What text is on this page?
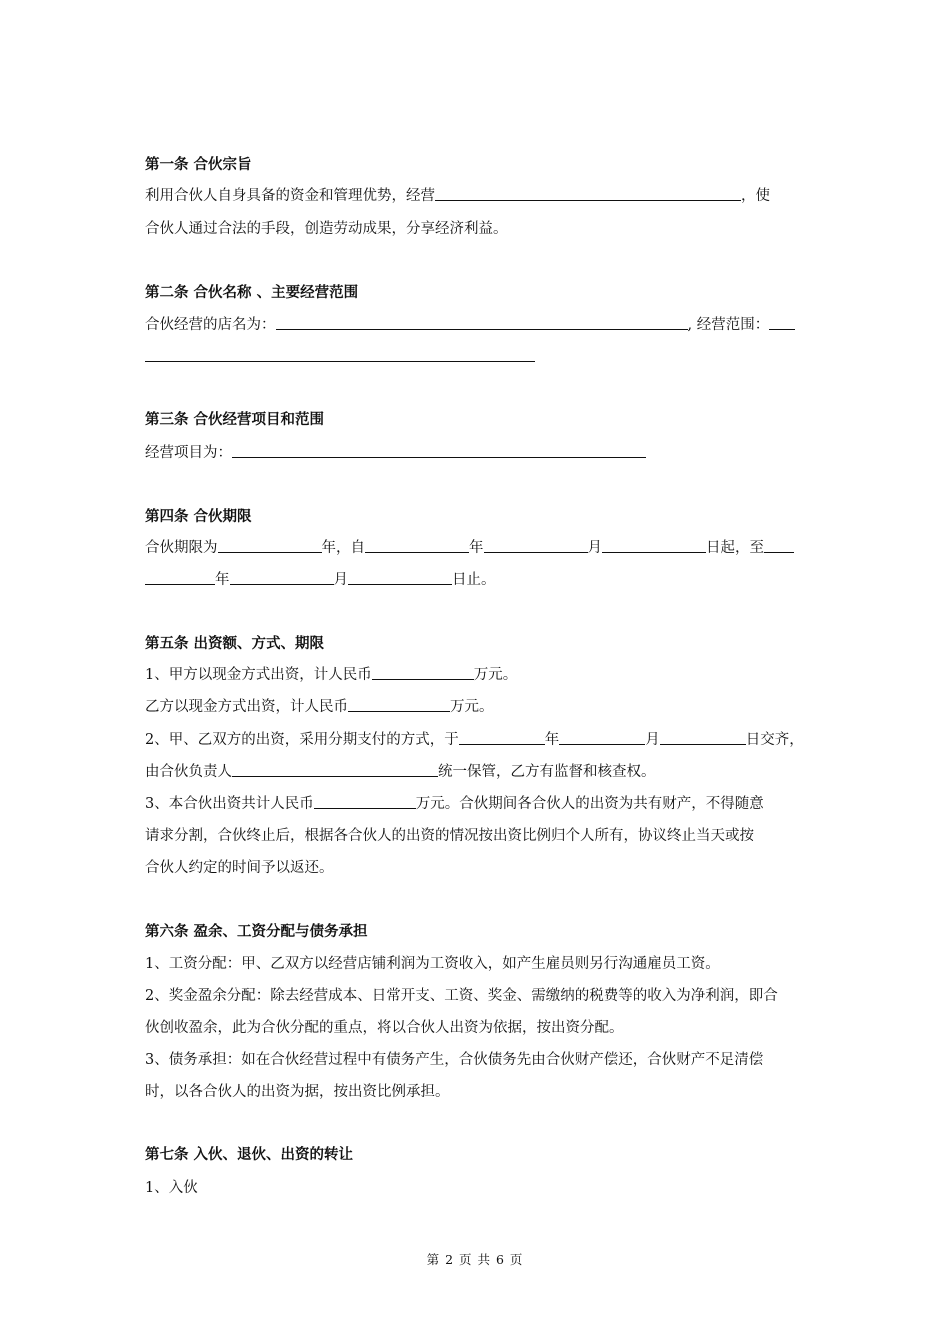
第一条 合伙宗旨
利用合伙人自身具备的资金和管理优势，经营	，使
合伙人通过合法的手段，创造劳动成果，分享经济利益。
第二条 合伙名称 、主要经营范围
合伙经营的店名为：	, 经营范围：
第三条 合伙经营项目和范围
经营项目为：
第四条 合伙期限
合伙期限为	年，自	年	月	日起，至
年	月	日止。
第五条 出资额、方式、期限
1、甲方以现金方式出资，计人民币	万元。
乙方以现金方式出资，计人民币	万元。
2、甲、乙双方的出资，采用分期支付的方式，于	年	月	日交齐，
由合伙负责人	统一保管，乙方有监督和核查权。
3、本合伙出资共计人民币	万元。合伙期间各合伙人的出资为共有财产，不得随意
请求分割，合伙终止后，根据各合伙人的出资的情况按出资比例归个人所有，协议终止当天或按
合伙人约定的时间予以返还。
第六条 盈余、工资分配与债务承担
1、工资分配：甲、乙双方以经营店铺利润为工资收入，如产生雇员则另行沟通雇员工资。
2、奖金盈余分配：除去经营成本、日常开支、工资、奖金、需缴纳的税费等的收入为净利润，即合
伙创收盈余，此为合伙分配的重点，将以合伙人出资为依据，按出资分配。
3、债务承担：如在合伙经营过程中有债务产生，合伙债务先由合伙财产偿还，合伙财产不足清偿
时，以各合伙人的出资为据，按出资比例承担。
第七条 入伙、退伙、出资的转让
1、入伙
第 2 页 共 6 页
